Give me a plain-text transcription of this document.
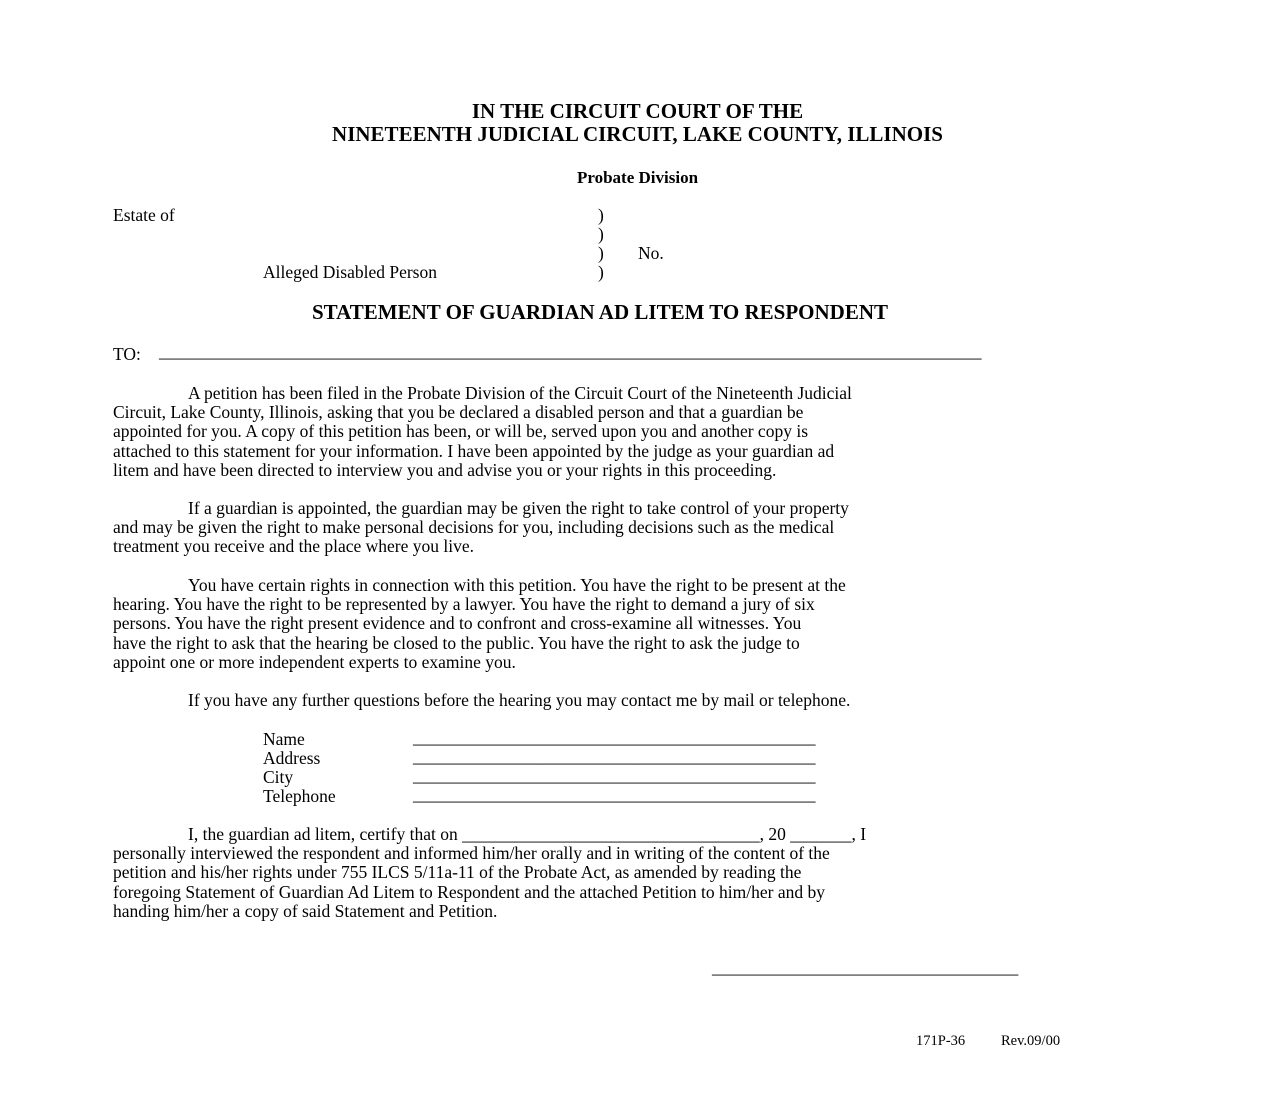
IN THE CIRCUIT COURT OF THE
NINETEENTH JUDICIAL CIRCUIT, LAKE COUNTY, ILLINOIS
Probate Division
Estate of
Alleged Disabled Person
)
)
)
)
No.
STATEMENT OF GUARDIAN AD LITEM TO RESPONDENT
TO: ______________________________________________________________________________________________
A petition has been filed in the Probate Division of the Circuit Court of the Nineteenth Judicial
Circuit, Lake County, Illinois, asking that you be declared a disabled person and that a guardian be
appointed for you. A copy of this petition has been, or will be, served upon you and another copy is
attached to this statement for your information. I have been appointed by the judge as your guardian ad
litem and have been directed to interview you and advise you or your rights in this proceeding.
If a guardian is appointed, the guardian may be given the right to take control of your property
and may be given the right to make personal decisions for you, including decisions such as the medical
treatment you receive and the place where you live.
You have certain rights in connection with this petition. You have the right to be present at the
hearing. You have the right to be represented by a lawyer. You have the right to demand a jury of six
persons. You have the right present evidence and to confront and cross-examine all witnesses. You
have the right to ask that the hearing be closed to the public. You have the right to ask the judge to
appoint one or more independent experts to examine you.
If you have any further questions before the hearing you may contact me by mail or telephone.
Name	______________________________________________
Address	______________________________________________
City	______________________________________________
Telephone	______________________________________________
I, the guardian ad litem, certify that on __________________________________, 20 _______, I
personally interviewed the respondent and informed him/her orally and in writing of the content of the
petition and his/her rights under 755 ILCS 5/11a-11 of the Probate Act, as amended by reading the
foregoing Statement of Guardian Ad Litem to Respondent and the attached Petition to him/her and by
handing him/her a copy of said Statement and Petition.
___________________________________
171P-36 Rev.09/00
